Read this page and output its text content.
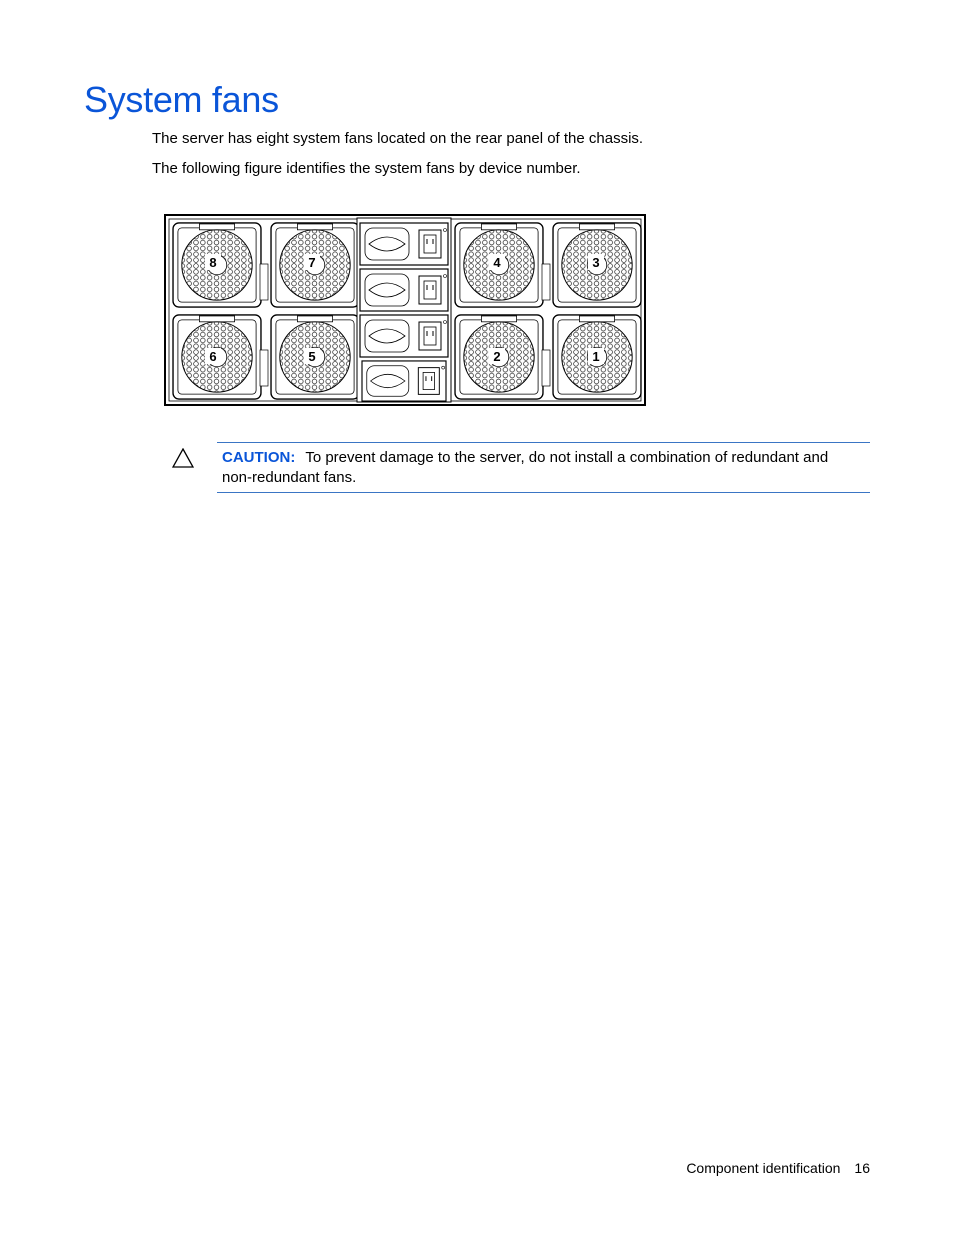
System fans

The server has eight system fans located on the rear panel of the chassis.

The following figure identifies the system fans by device number.

8	7	4	3
6	5	2	1

CAUTION: To prevent damage to the server, do not install a combination of redundant and non-redundant fans.

Component identification 16
